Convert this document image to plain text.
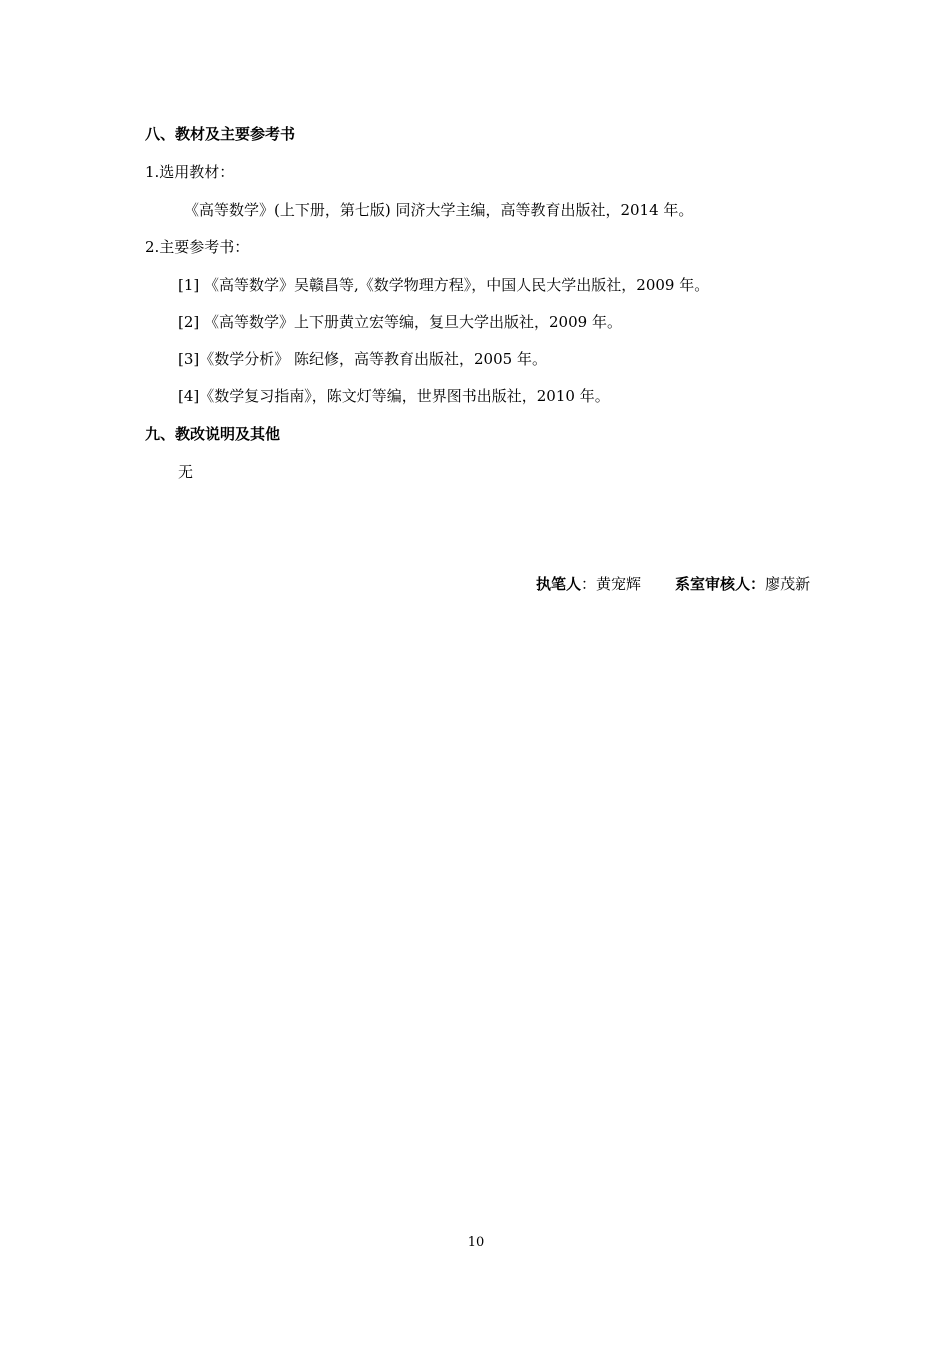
八、教材及主要参考书
1.选用教材：
《高等数学》(上下册，第七版) 同济大学主编，高等教育出版社，2014 年。
2.主要参考书：
[1] 《高等数学》吴赣昌等,《数学物理方程》，中国人民大学出版社，2009 年。
[2] 《高等数学》上下册黄立宏等编，复旦大学出版社，2009 年。
[3]《数学分析》 陈纪修，高等教育出版社，2005 年。
[4]《数学复习指南》，陈文灯等编，世界图书出版社，2010 年。
九、教改说明及其他
无
执笔人：黄宠辉 系室审核人：廖茂新
10
